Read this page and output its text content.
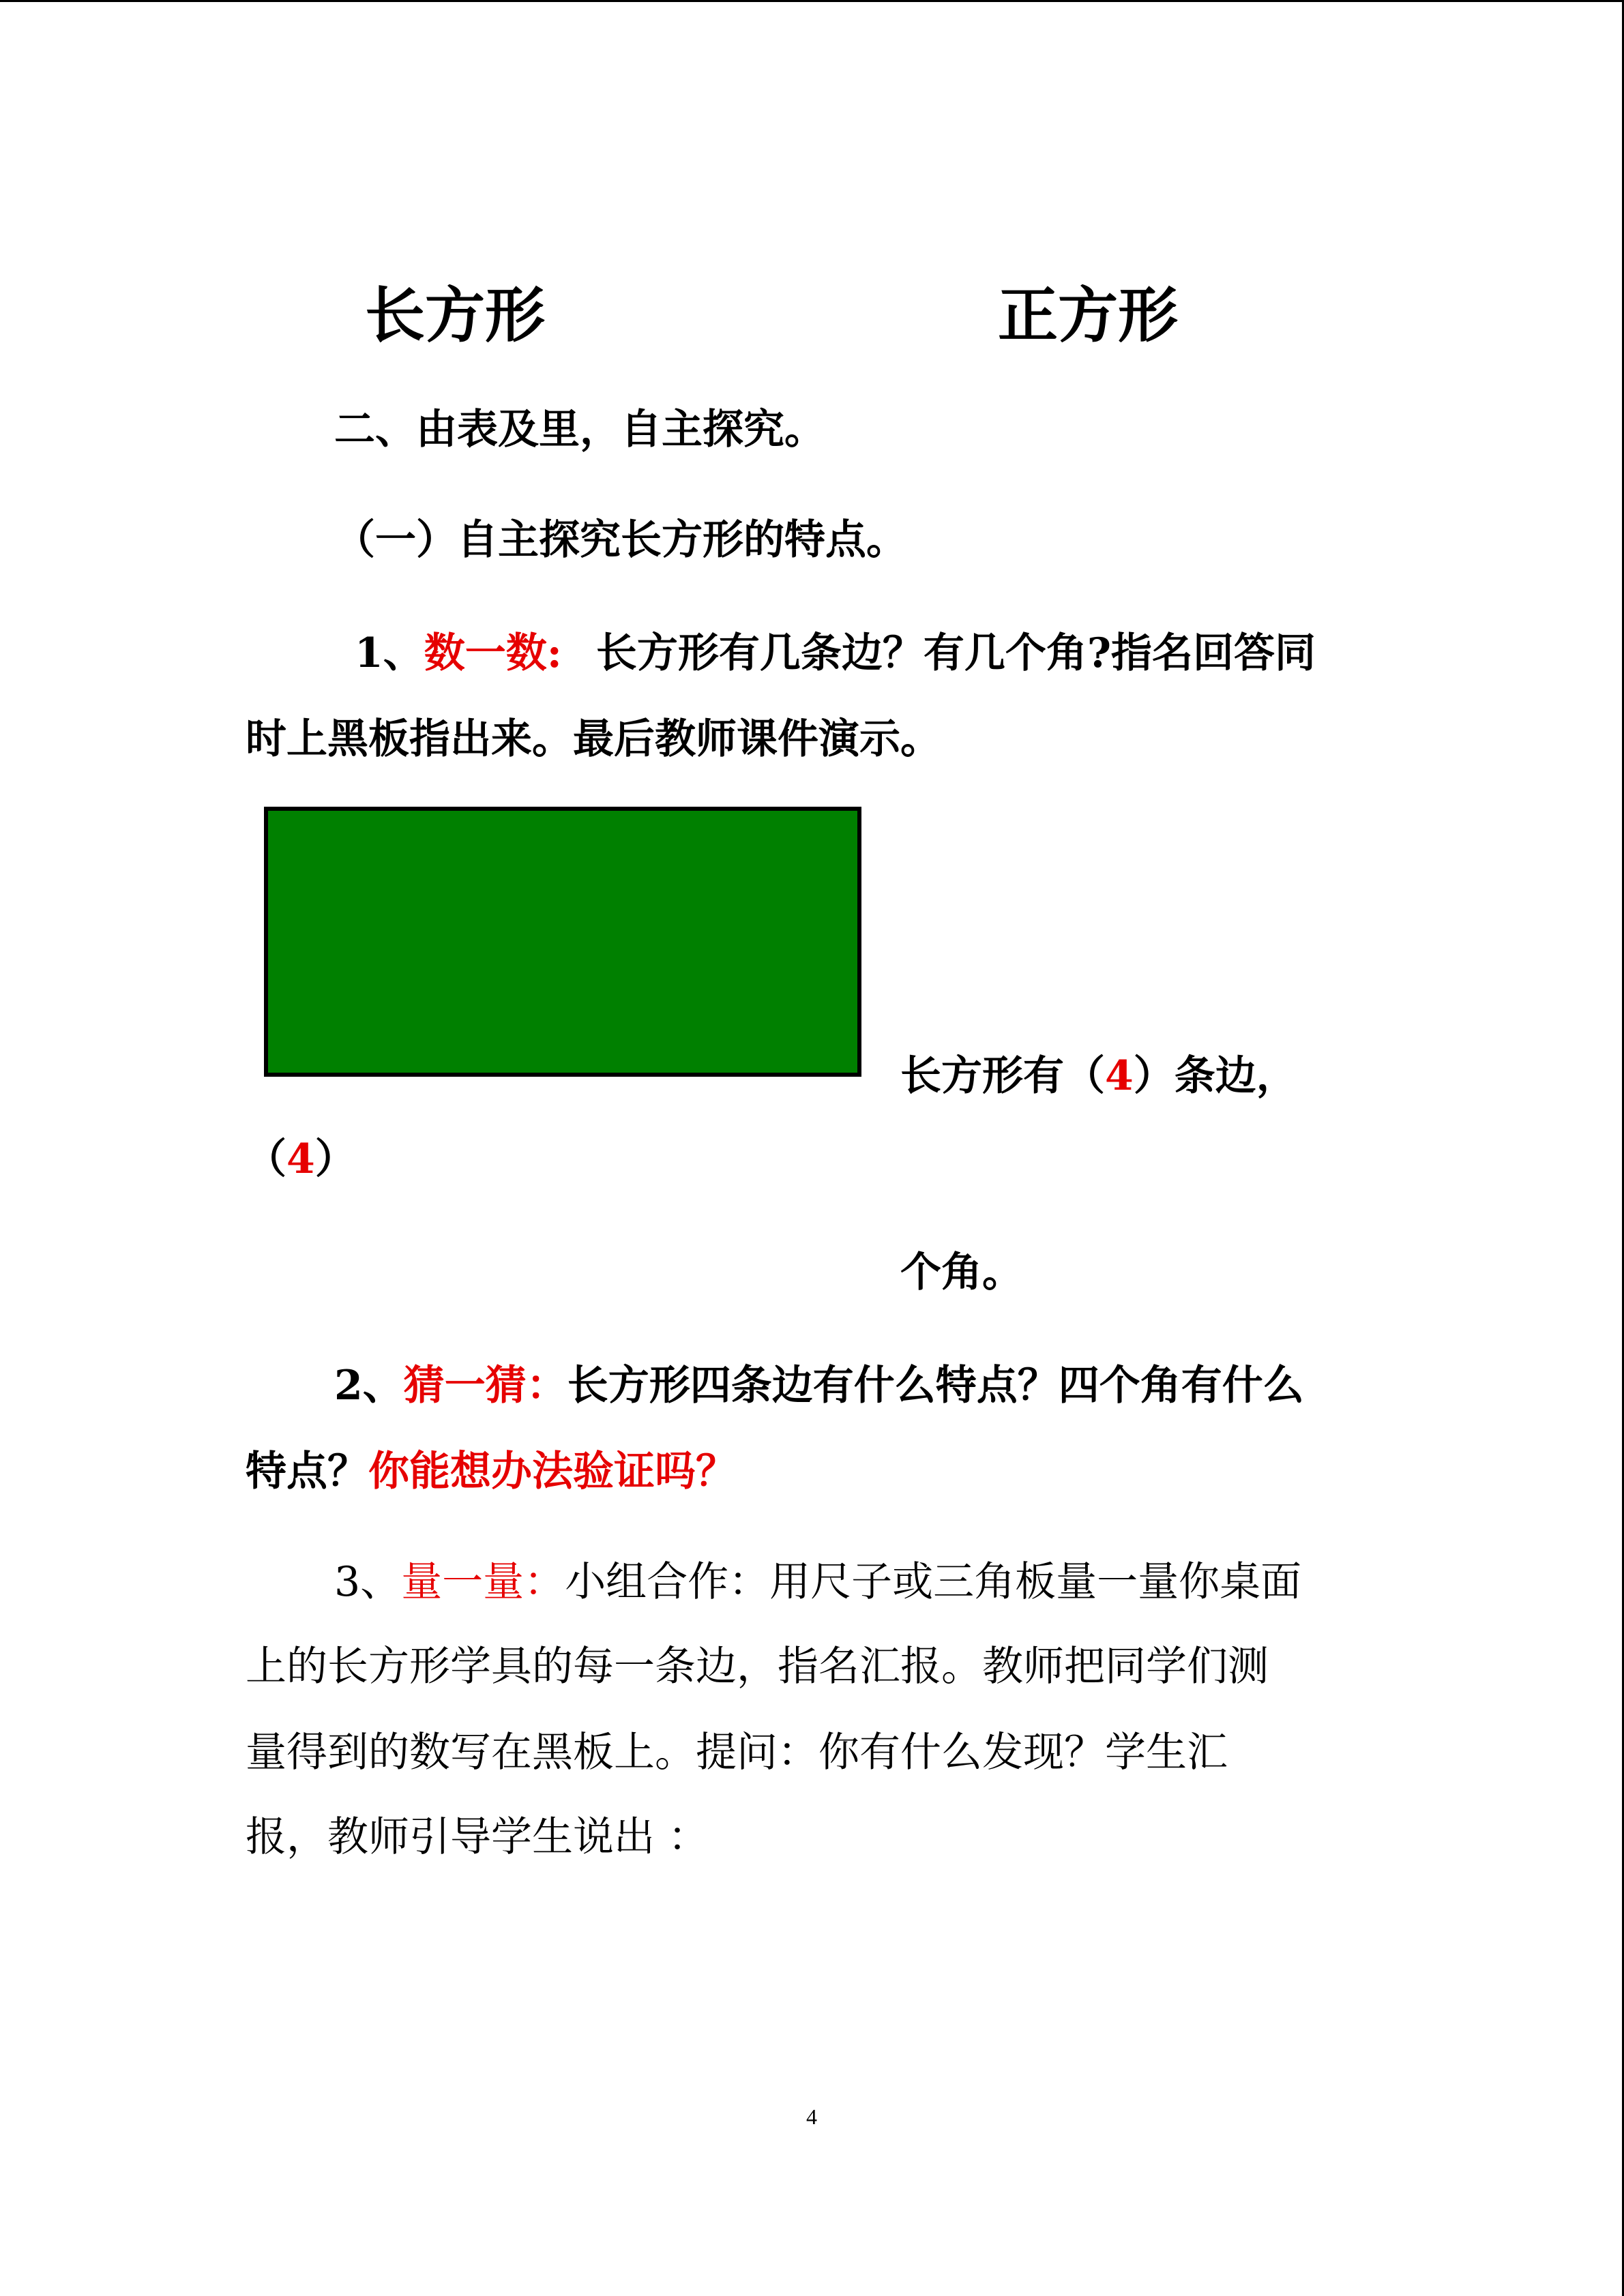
长方形	正方形
二、由表及里，自主探究。
（一）自主探究长方形的特点。
1、数一数: 长方形有几条边？有几个角?指名回答同
时上黑板指出来。最后教师课件演示。
长方形有（4）条边，
（4）
个角。
2、猜一猜：长方形四条边有什么特点？四个角有什么
特点？你能想办法验证吗？
3、量一量：小组合作：用尺子或三角板量一量你桌面
上的长方形学具的每一条边，指名汇报。教师把同学们测
量得到的数写在黑板上。提问：你有什么发现？学生汇
报，教师引导学生说出 ：
4
